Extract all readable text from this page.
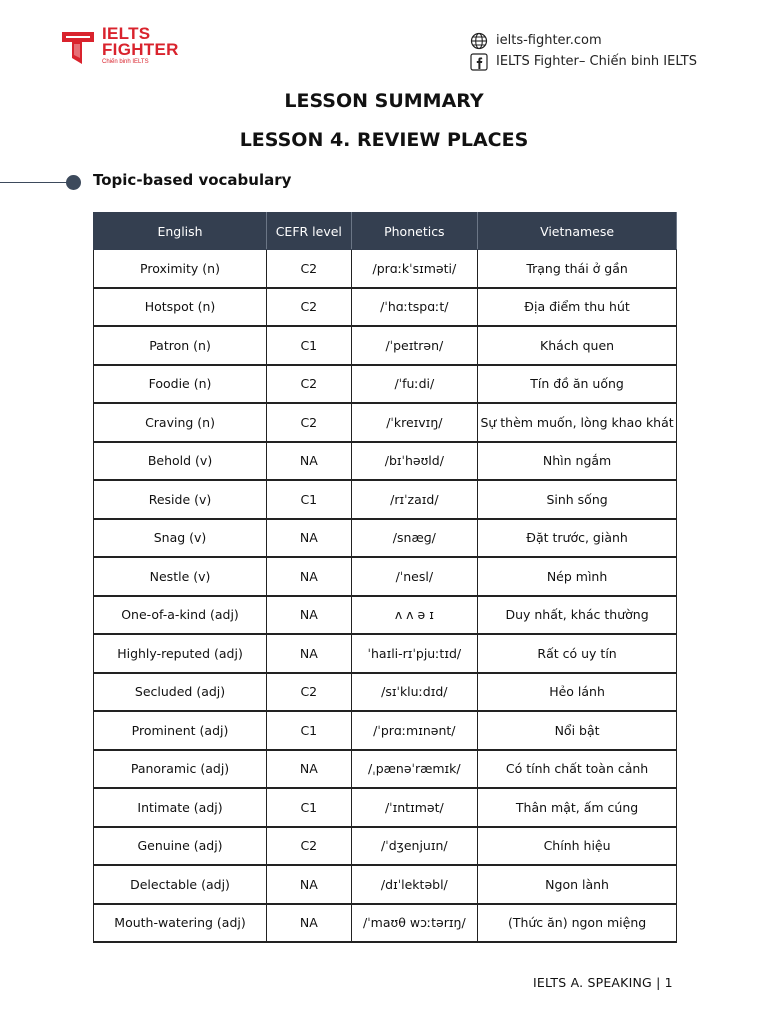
IELTS
FIGHTER
Chiến binh IELTS
ielts-fighter.com
IELTS Fighter– Chiến binh IELTS
LESSON SUMMARY
LESSON 4. REVIEW PLACES
Topic-based vocabulary
English	CEFR level	Phonetics	Vietnamese
Proximity (n)	C2	/prɑːkˈsɪməti/	Trạng thái ở gần
Hotspot (n)	C2	/ˈhɑːtspɑːt/	Địa điểm thu hút
Patron (n)	C1	/ˈpeɪtrən/	Khách quen
Foodie (n)	C2	/ˈfuːdi/	Tín đồ ăn uống
Craving (n)	C2	/ˈkreɪvɪŋ/	Sự thèm muốn, lòng khao khát
Behold (v)	NA	/bɪˈhəʊld/	Nhìn ngắm
Reside (v)	C1	/rɪˈzaɪd/	Sinh sống
Snag (v)	NA	/snæɡ/	Đặt trước, giành
Nestle (v)	NA	/ˈnesl/	Nép mình
One-of-a-kind (adj)	NA	ʌ ʌ ə ɪ	Duy nhất, khác thường
Highly-reputed (adj)	NA	ˈhaɪli-rɪˈpjuːtɪd/	Rất có uy tín
Secluded (adj)	C2	/sɪˈkluːdɪd/	Hẻo lánh
Prominent (adj)	C1	/ˈprɑːmɪnənt/	Nổi bật
Panoramic (adj)	NA	/ˌpænəˈræmɪk/	Có tính chất toàn cảnh
Intimate (adj)	C1	/ˈɪntɪmət/	Thân mật, ấm cúng
Genuine (adj)	C2	/ˈdʒenjuɪn/	Chính hiệu
Delectable (adj)	NA	/dɪˈlektəbl/	Ngon lành
Mouth-watering (adj)	NA	/ˈmaʊθ wɔːtərɪŋ/	(Thức ăn) ngon miệng
IELTS A. SPEAKING | 1
